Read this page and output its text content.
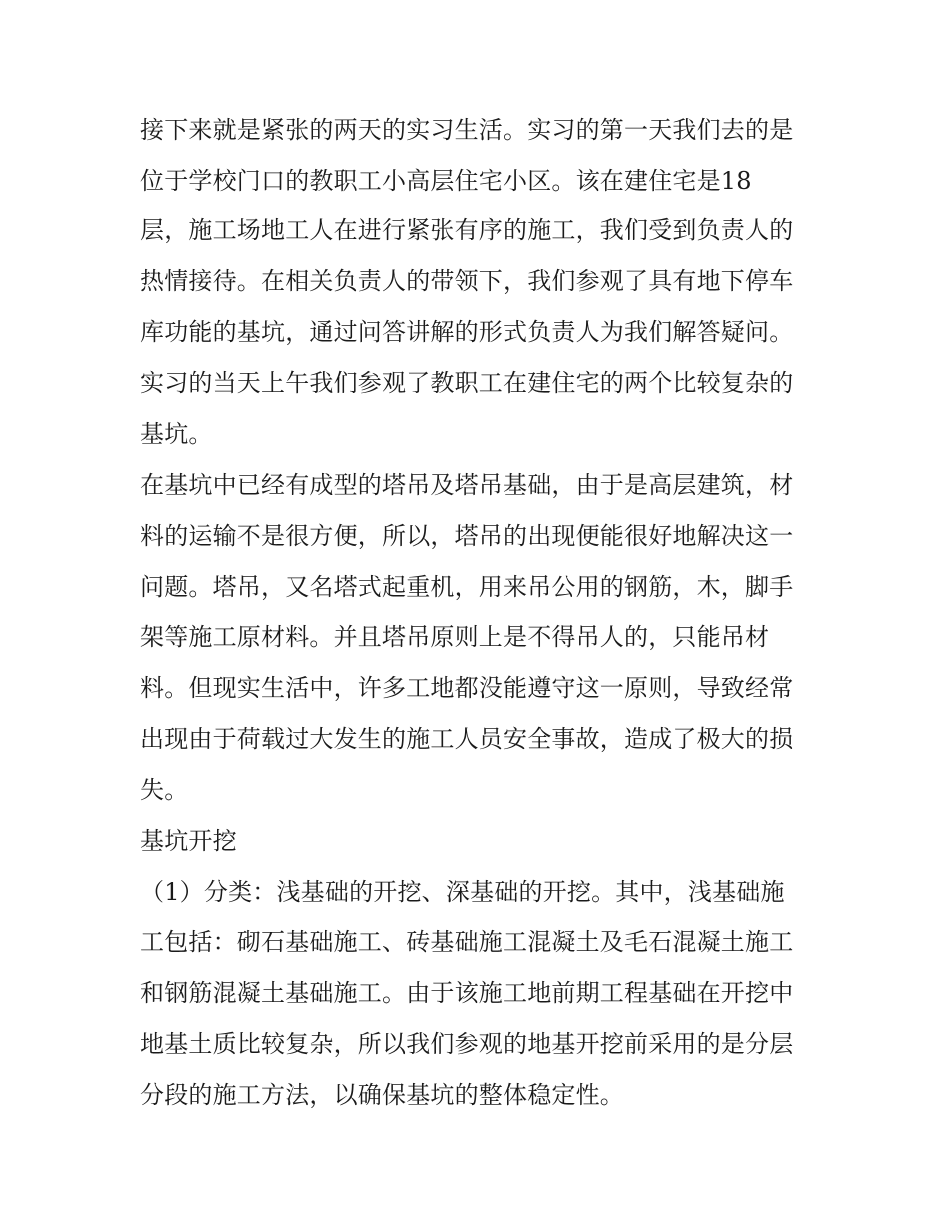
接下来就是紧张的两天的实习生活。实习的第一天我们去的是
位于学校门口的教职工小高层住宅小区。该在建住宅是18
层，施工场地工人在进行紧张有序的施工，我们受到负责人的
热情接待。在相关负责人的带领下，我们参观了具有地下停车
库功能的基坑，通过问答讲解的形式负责人为我们解答疑问。
实习的当天上午我们参观了教职工在建住宅的两个比较复杂的
基坑。
在基坑中已经有成型的塔吊及塔吊基础，由于是高层建筑，材
料的运输不是很方便，所以，塔吊的出现便能很好地解决这一
问题。塔吊，又名塔式起重机，用来吊公用的钢筋，木，脚手
架等施工原材料。并且塔吊原则上是不得吊人的，只能吊材
料。但现实生活中，许多工地都没能遵守这一原则，导致经常
出现由于荷载过大发生的施工人员安全事故，造成了极大的损
失。
基坑开挖
（1）分类：浅基础的开挖、深基础的开挖。其中，浅基础施
工包括：砌石基础施工、砖基础施工混凝土及毛石混凝土施工
和钢筋混凝土基础施工。由于该施工地前期工程基础在开挖中
地基土质比较复杂，所以我们参观的地基开挖前采用的是分层
分段的施工方法，以确保基坑的整体稳定性。
